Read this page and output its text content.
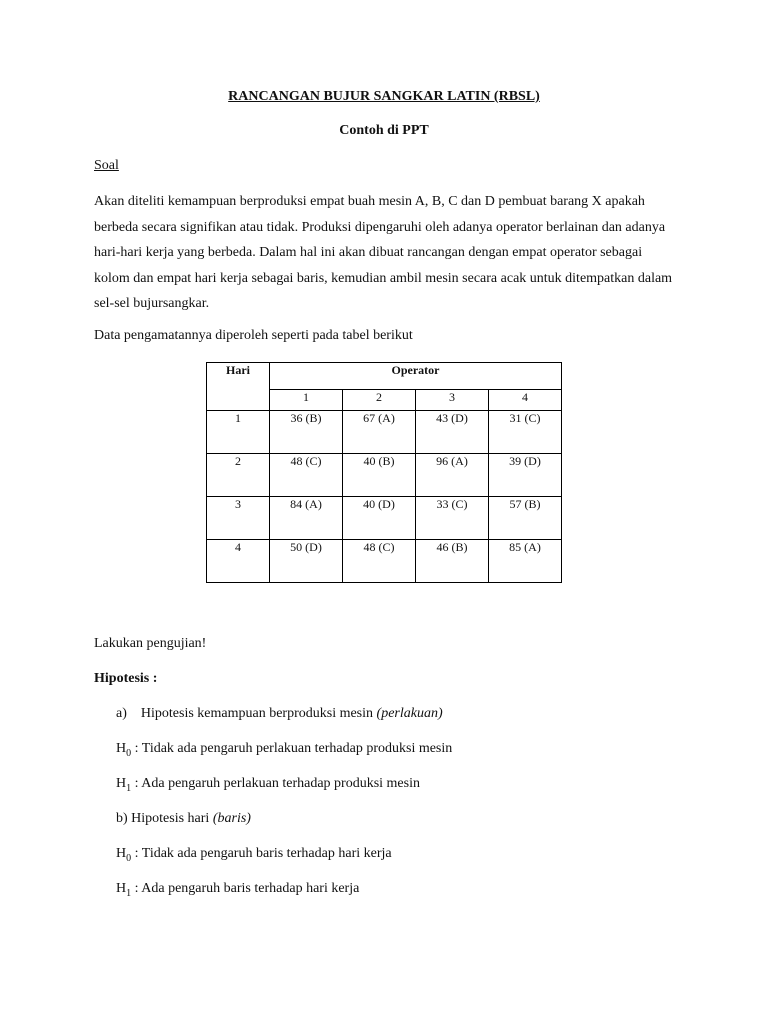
RANCANGAN BUJUR SANGKAR LATIN (RBSL)
Contoh di PPT
Soal
Akan diteliti kemampuan berproduksi empat buah mesin A, B, C dan D pembuat barang X apakah berbeda secara signifikan atau tidak. Produksi dipengaruhi oleh adanya operator berlainan dan adanya hari-hari kerja yang berbeda. Dalam hal ini akan dibuat rancangan dengan empat operator sebagai kolom dan empat hari kerja sebagai baris, kemudian ambil mesin secara acak untuk ditempatkan dalam sel-sel bujursangkar.
Data pengamatannya diperoleh seperti pada tabel berikut
Hari	Operator			
	1	2	3	4
1	36 (B)	67 (A)	43 (D)	31 (C)
2	48 (C)	40 (B)	96 (A)	39 (D)
3	84 (A)	40 (D)	33 (C)	57 (B)
4	50 (D)	48 (C)	46 (B)	85 (A)
Lakukan pengujian!
Hipotesis :
a) Hipotesis kemampuan berproduksi mesin (perlakuan)
$H_0$ : Tidak ada pengaruh perlakuan terhadap produksi mesin
$H_1$ : Ada pengaruh perlakuan terhadap produksi mesin
b) Hipotesis hari (baris)
$H_0$ : Tidak ada pengaruh baris terhadap hari kerja
$H_1$ : Ada pengaruh baris terhadap hari kerja
